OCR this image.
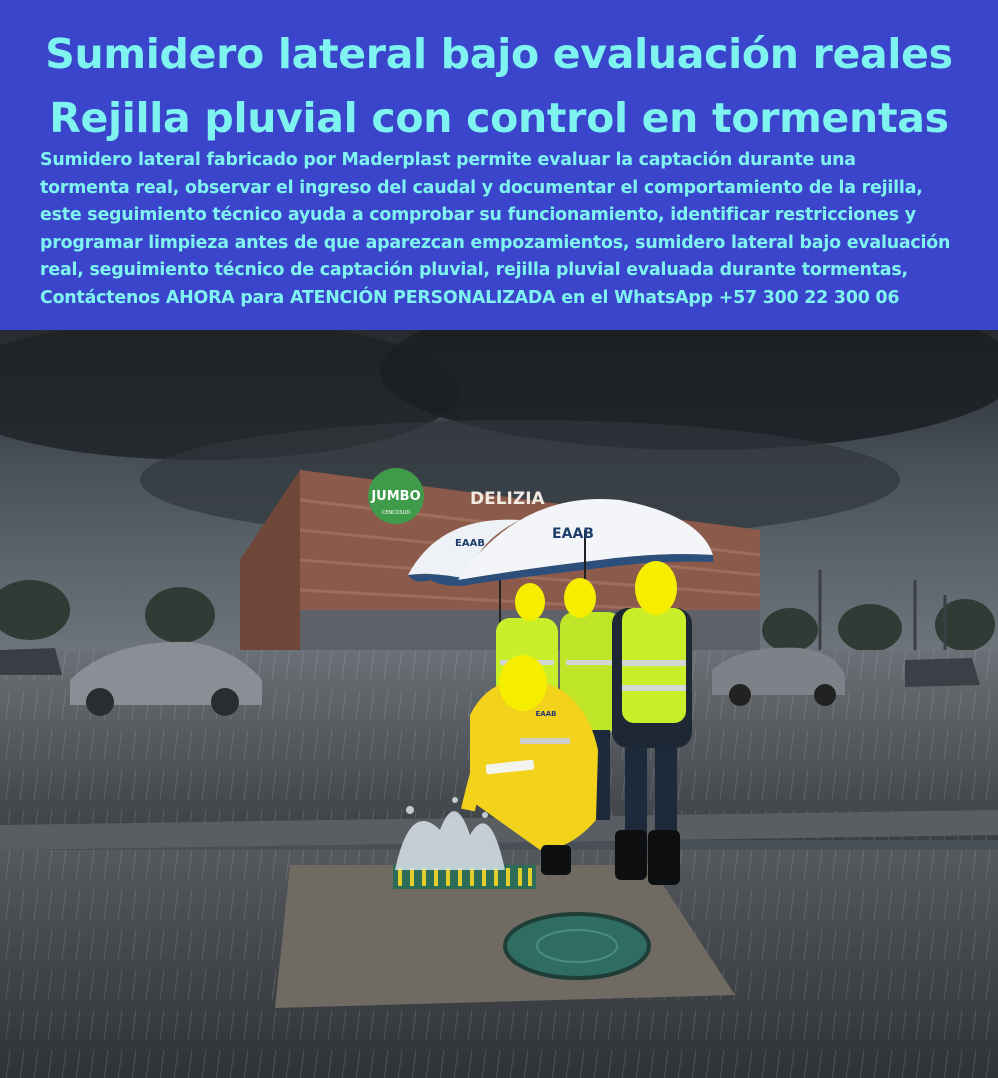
Sumidero lateral bajo evaluación reales
Rejilla pluvial con control en tormentas
Sumidero lateral fabricado por Maderplast permite evaluar la captación durante una
tormenta real, observar el ingreso del caudal y documentar el comportamiento de la rejilla,
este seguimiento técnico ayuda a comprobar su funcionamiento, identificar restricciones y
programar limpieza antes de que aparezcan empozamientos, sumidero lateral bajo evaluación
real, seguimiento técnico de captación pluvial, rejilla pluvial evaluada durante tormentas,
Contáctenos AHORA para ATENCIÓN PERSONALIZADA en el WhatsApp +57 300 22 300 06
JUMBO
CENCOSUD
DELIZIA
EAAB
EAAB
EAAB
